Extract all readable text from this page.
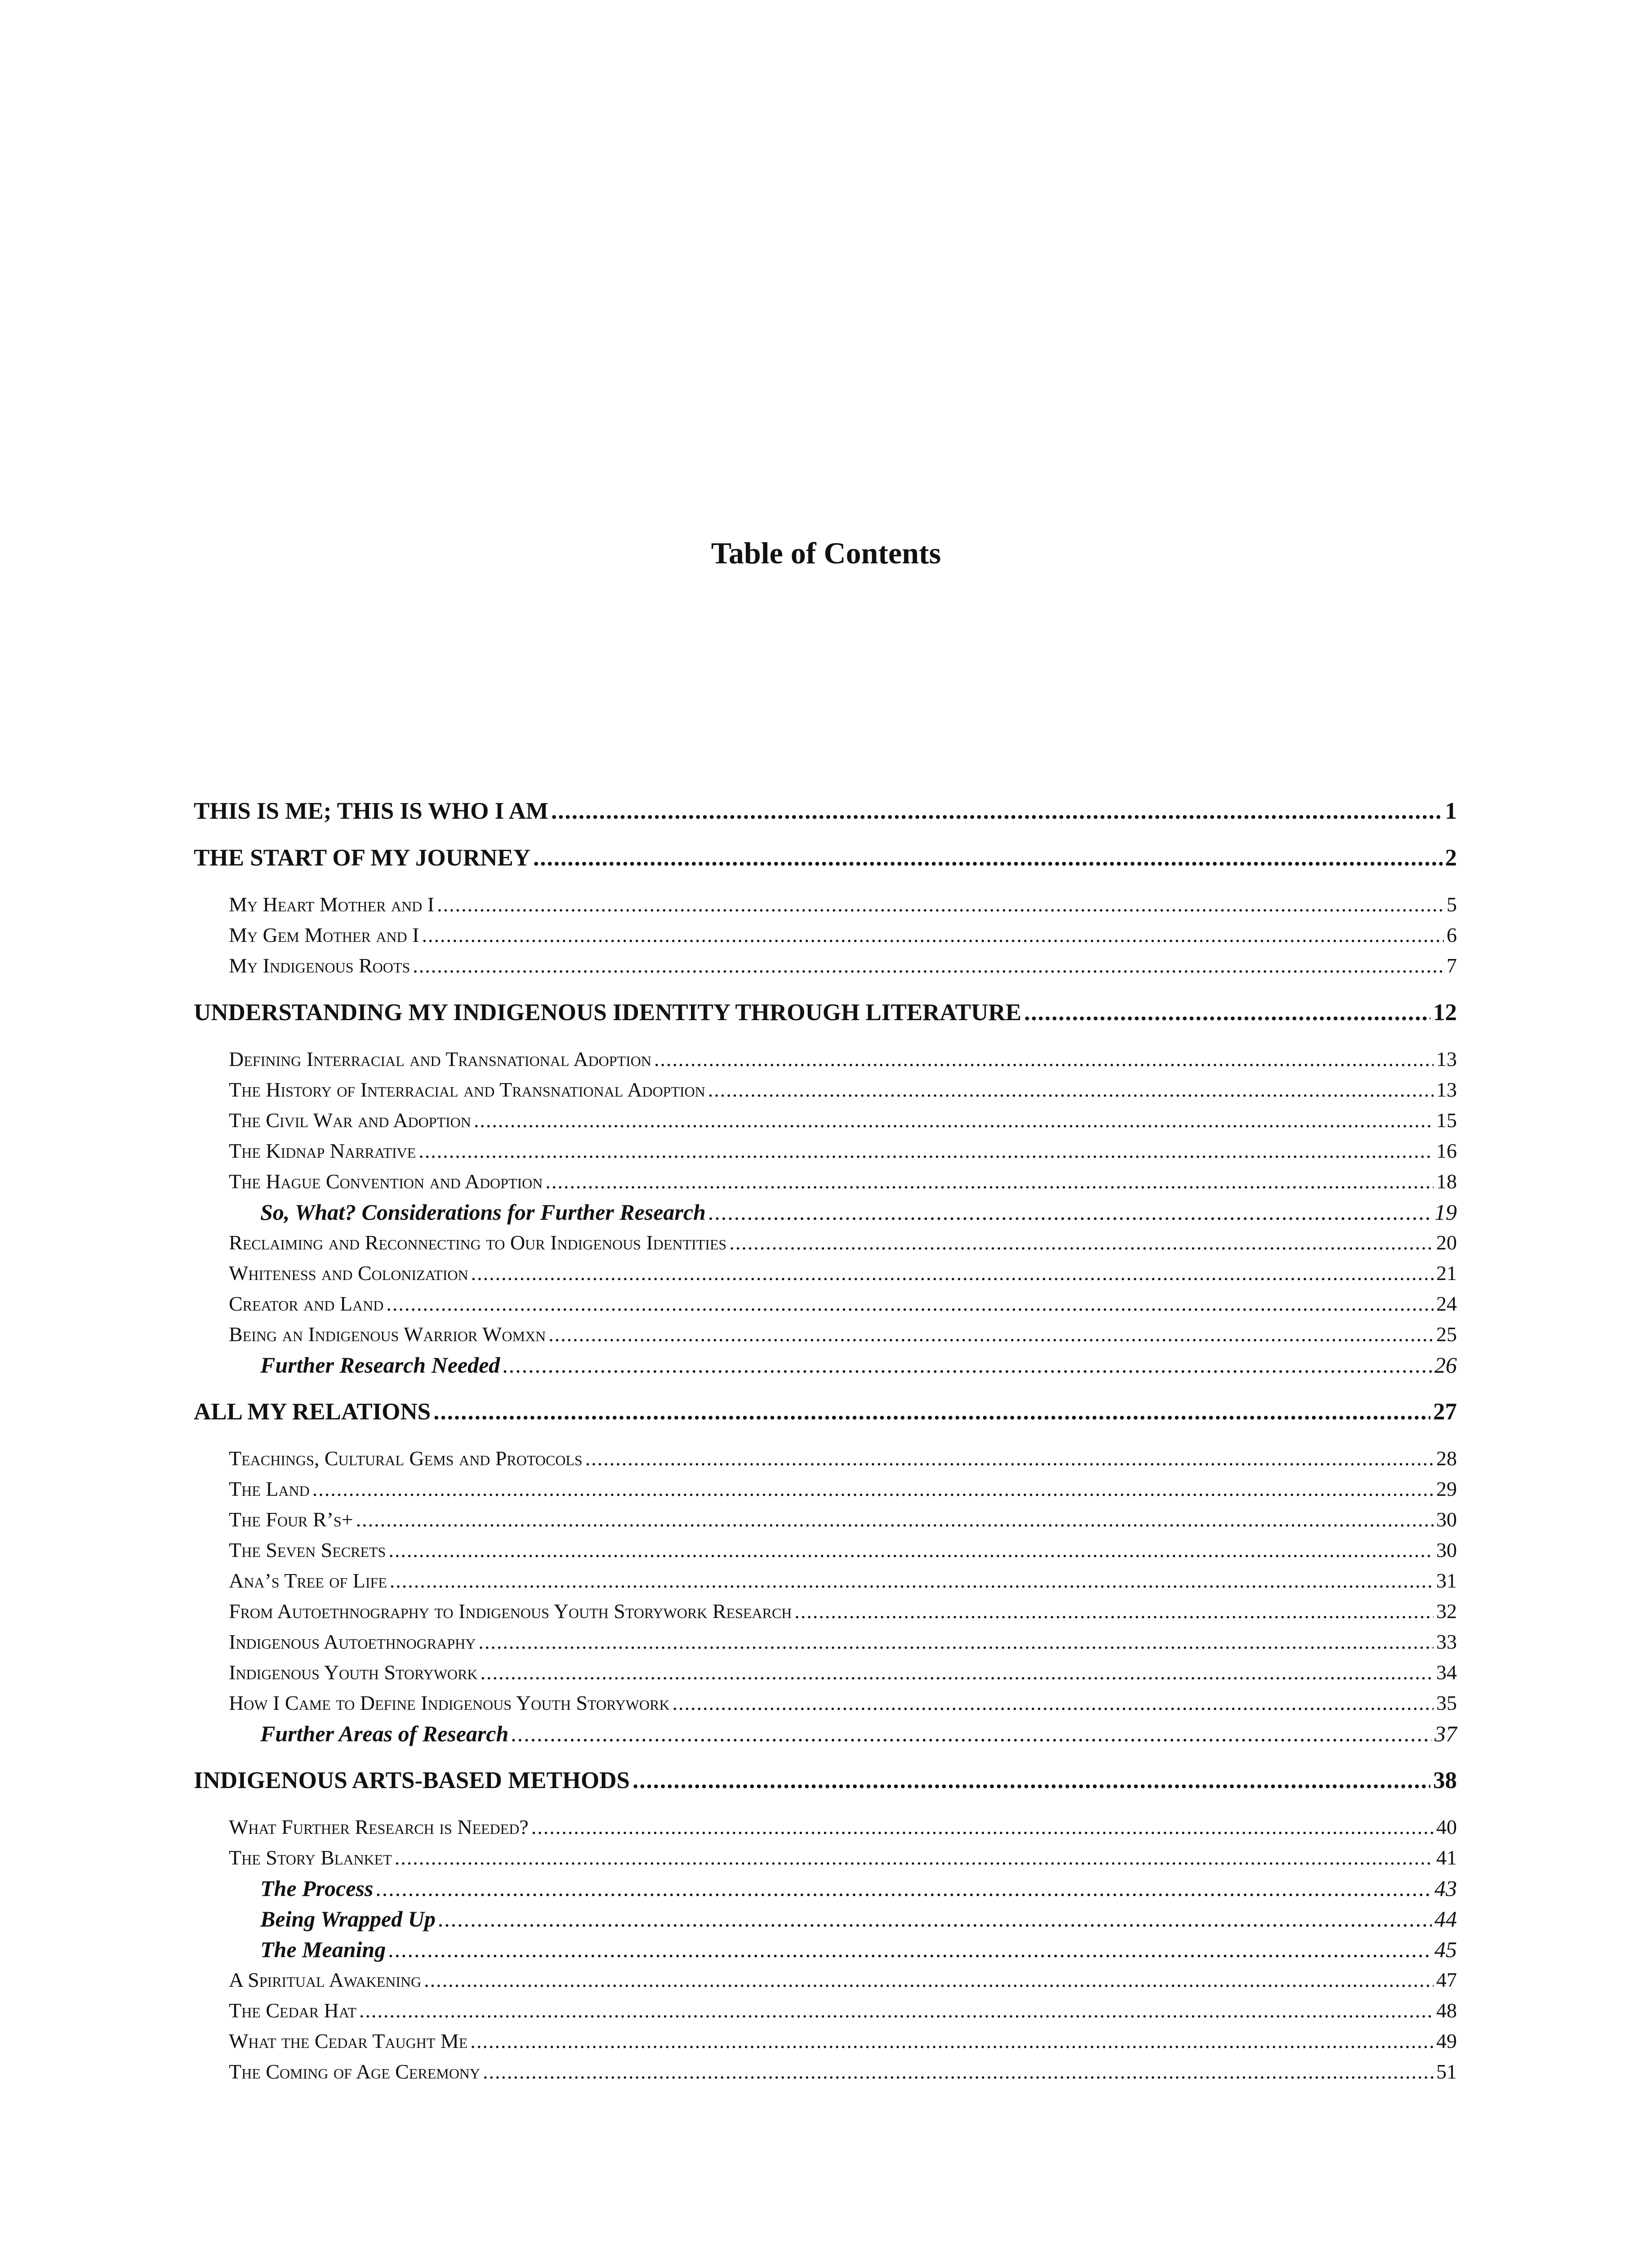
Table of Contents
THIS IS ME; THIS IS WHO I AM .....	1
THE START OF MY JOURNEY .....	2
My Heart Mother and I .....	5
My Gem Mother and I .....	6
My Indigenous Roots .....	7
UNDERSTANDING MY INDIGENOUS IDENTITY THROUGH LITERATURE .....	12
Defining Interracial and Transnational Adoption .....	13
The History of Interracial and Transnational Adoption .....	13
The Civil War and Adoption .....	15
The Kidnap Narrative .....	16
The Hague Convention and Adoption .....	18
So, What? Considerations for Further Research .....	19
Reclaiming and Reconnecting to Our Indigenous Identities .....	20
Whiteness and Colonization .....	21
Creator and Land .....	24
Being an Indigenous Warrior Womxn .....	25
Further Research Needed .....	26
ALL MY RELATIONS .....	27
Teachings, Cultural Gems and Protocols .....	28
The Land .....	29
The Four R’s+ .....	30
The Seven Secrets .....	30
Ana’s Tree of Life .....	31
From Autoethnography to Indigenous Youth Storywork Research .....	32
Indigenous Autoethnography .....	33
Indigenous Youth Storywork .....	34
How I Came to Define Indigenous Youth Storywork .....	35
Further Areas of Research .....	37
INDIGENOUS ARTS-BASED METHODS .....	38
What Further Research is Needed? .....	40
The Story Blanket .....	41
The Process .....	43
Being Wrapped Up .....	44
The Meaning .....	45
A Spiritual Awakening .....	47
The Cedar Hat .....	48
What the Cedar Taught Me .....	49
The Coming of Age Ceremony .....	51
